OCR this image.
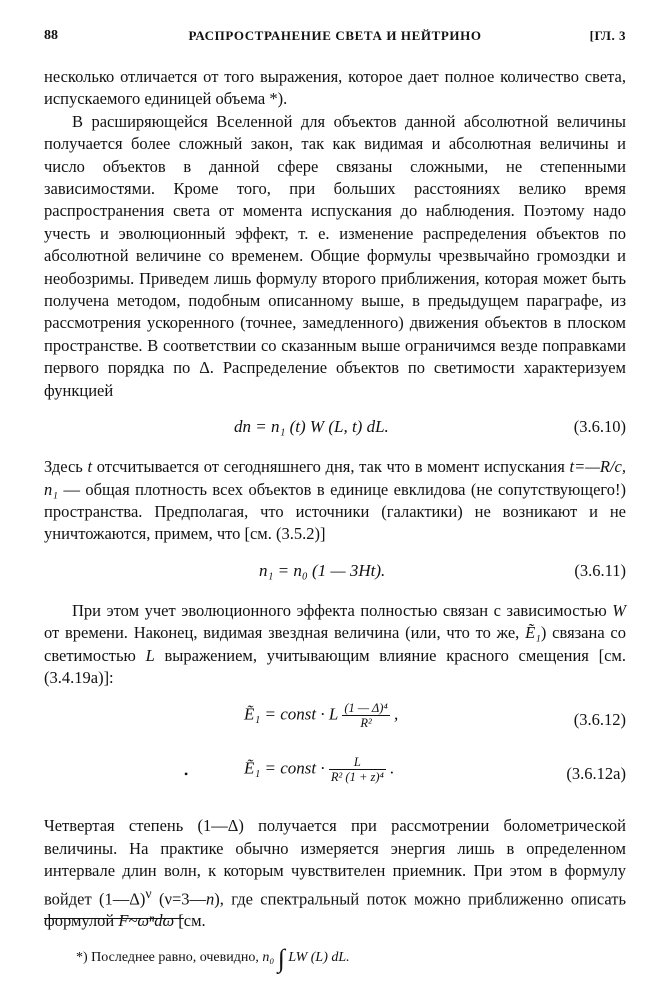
88	РАСПРОСТРАНЕНИЕ СВЕТА И НЕЙТРИНО	[ГЛ. 3

несколько отличается от того выражения, которое дает полное количество света, испускаемого единицей объема *).

В расширяющейся Вселенной для объектов данной абсолютной величины получается более сложный закон, так как видимая и абсолютная величины и число объектов в данной сфере связаны сложными, не степенными зависимостями. Кроме того, при больших расстояниях велико время распространения света от момента испускания до наблюдения. Поэтому надо учесть и эволюционный эффект, т. е. изменение распределения объектов по абсолютной величине со временем. Общие формулы чрезвычайно громоздки и необозримы. Приведем лишь формулу второго приближения, которая может быть получена методом, подобным описанному выше, в предыдущем параграфе, из рассмотрения ускоренного (точнее, замедленного) движения объектов в плоском пространстве. В соответствии со сказанным выше ограничимся везде поправками первого порядка по Δ. Распределение объектов по светимости характеризуем функцией

dn = n₁ (t) W (L, t) dL.	(3.6.10)

Здесь t отсчитывается от сегодняшнего дня, так что в момент испускания t=—R/c, n₁ — общая плотность всех объектов в единице евклидова (не сопутствующего!) пространства. Предполагая, что источники (галактики) не возникают и не уничтожаются, примем, что [см. (3.5.2)]

n₁ = n₀ (1 — 3Ht).	(3.6.11)

При этом учет эволюционного эффекта полностью связан с зависимостью W от времени. Наконец, видимая звездная величина (или, что то же, Ẽ₁) связана со светимостью L выражением, учитывающим влияние красного смещения [см. (3.4.19а)]:

Ẽ₁ = const · L $\frac{\text{(1 — Δ)⁴}}{\text{R²}}$ ,	(3.6.12)
•	Ẽ₁ = const · $\frac{L}{\text{R² (1 + z)⁴}}$ .	(3.6.12a)

Четвертая степень (1—Δ) получается при рассмотрении болометрической величины. На практике обычно измеряется энергия лишь в определенном интервале длин волн, к которым чувствителен приемник. При этом в формулу войдет (1—Δ)$^\nu$ (ν=3—n), где спектральный поток можно приближенно описать формулой F~ωⁿdω [см.

*) Последнее равно, очевидно, n₀ ∫ LW (L) dL.
